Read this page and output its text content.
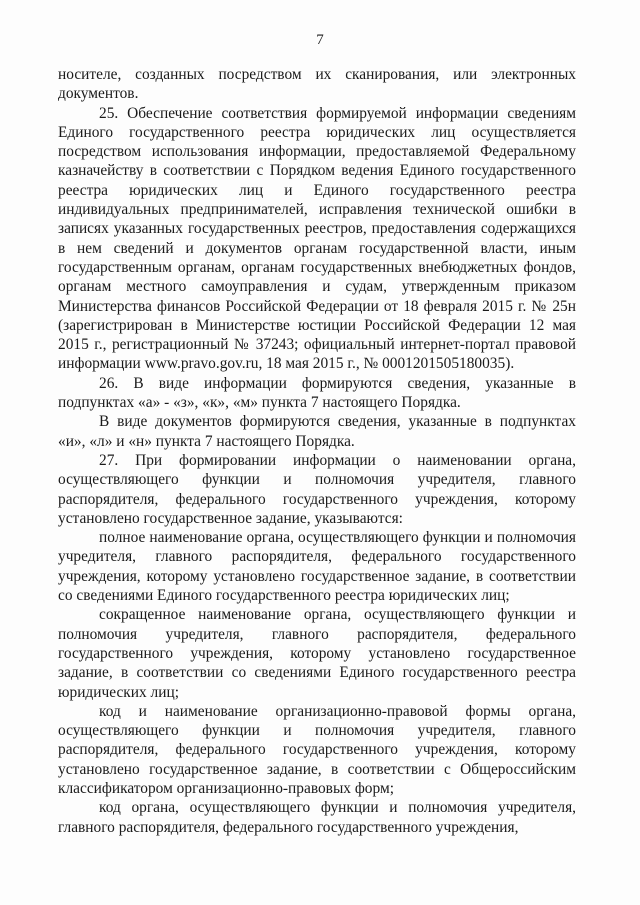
7

носителе, созданных посредством их сканирования, или электронных документов.

25. Обеспечение соответствия формируемой информации сведениям Единого государственного реестра юридических лиц осуществляется посредством использования информации, предоставляемой Федеральному казначейству в соответствии с Порядком ведения Единого государственного реестра юридических лиц и Единого государственного реестра индивидуальных предпринимателей, исправления технической ошибки в записях указанных государственных реестров, предоставления содержащихся в нем сведений и документов органам государственной власти, иным государственным органам, органам государственных внебюджетных фондов, органам местного самоуправления и судам, утвержденным приказом Министерства финансов Российской Федерации от 18 февраля 2015 г. № 25н (зарегистрирован в Министерстве юстиции Российской Федерации 12 мая 2015 г., регистрационный № 37243; официальный интернет-портал правовой информации www.pravo.gov.ru, 18 мая 2015 г., № 0001201505180035).

26. В виде информации формируются сведения, указанные в подпунктах «а» - «з», «к», «м» пункта 7 настоящего Порядка.

В виде документов формируются сведения, указанные в подпунктах «и», «л» и «н» пункта 7 настоящего Порядка.

27. При формировании информации о наименовании органа, осуществляющего функции и полномочия учредителя, главного распорядителя, федерального государственного учреждения, которому установлено государственное задание, указываются:

полное наименование органа, осуществляющего функции и полномочия учредителя, главного распорядителя, федерального государственного учреждения, которому установлено государственное задание, в соответствии со сведениями Единого государственного реестра юридических лиц;

сокращенное наименование органа, осуществляющего функции и полномочия учредителя, главного распорядителя, федерального государственного учреждения, которому установлено государственное задание, в соответствии со сведениями Единого государственного реестра юридических лиц;

код и наименование организационно-правовой формы органа, осуществляющего функции и полномочия учредителя, главного распорядителя, федерального государственного учреждения, которому установлено государственное задание, в соответствии с Общероссийским классификатором организационно-правовых форм;

код органа, осуществляющего функции и полномочия учредителя, главного распорядителя, федерального государственного учреждения,
